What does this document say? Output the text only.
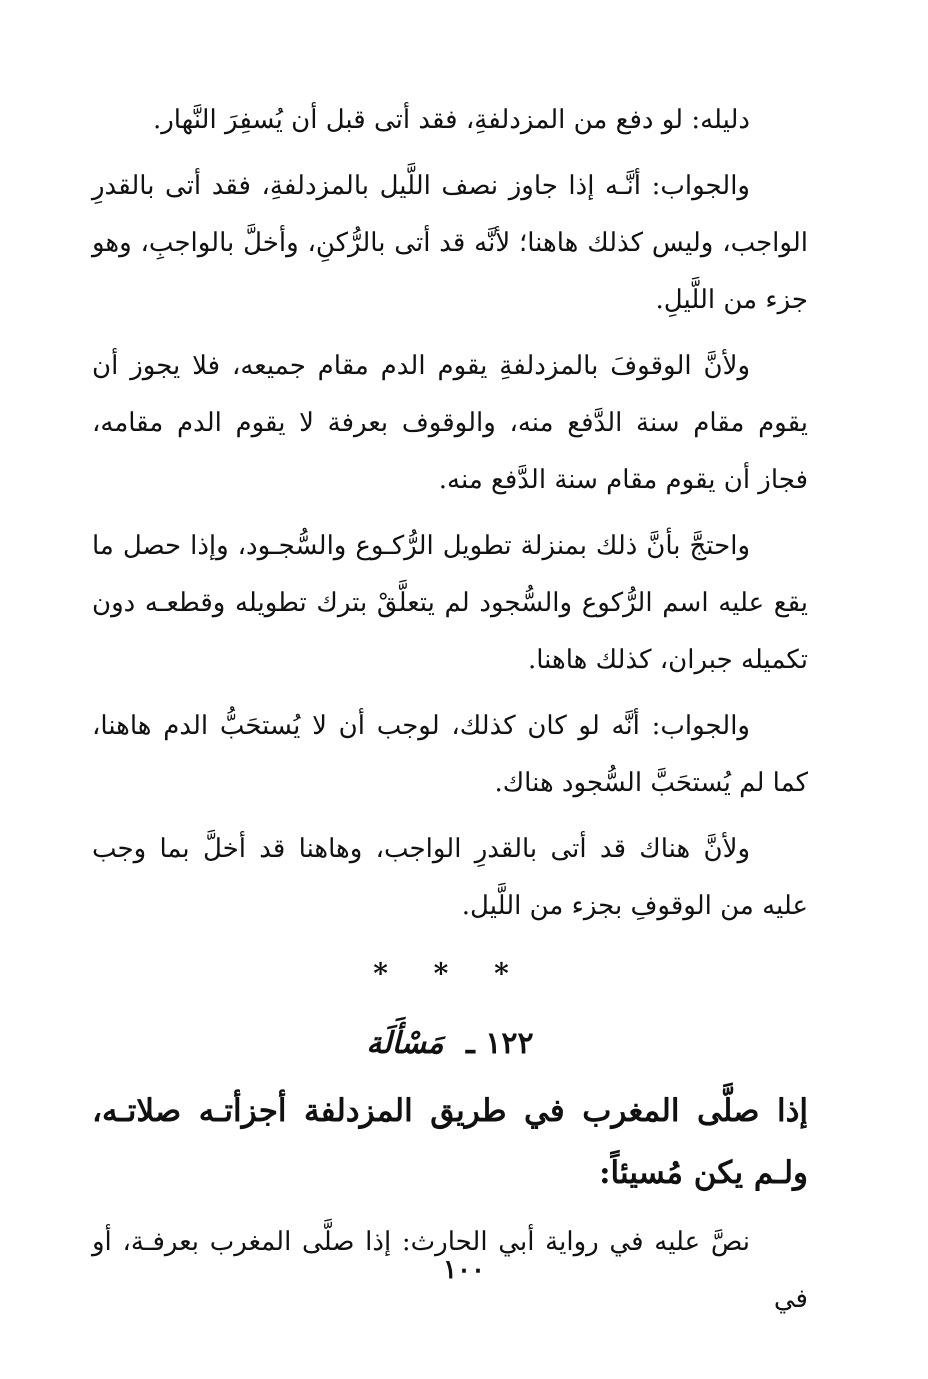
دليله: لو دفع من المزدلفةِ، فقد أتى قبل أن يُسفِرَ النَّهار.

والجواب: أنَّـه إذا جاوز نصف اللَّيل بالمزدلفةِ، فقد أتى بالقدرِ الواجب، وليس كذلك هاهنا؛ لأنَّه قد أتى بالرُّكنِ، وأخلَّ بالواجبِ، وهو جزء من اللَّيلِ.

ولأنَّ الوقوفَ بالمزدلفةِ يقوم الدم مقام جميعه، فلا يجوز أن يقوم مقام سنة الدَّفع منه، والوقوف بعرفة لا يقوم الدم مقامه، فجاز أن يقوم مقام سنة الدَّفع منه.

واحتجَّ بأنَّ ذلك بمنزلة تطويل الرُّكـوع والسُّجـود، وإذا حصل ما يقع عليه اسم الرُّكوع والسُّجود لم يتعلَّقْ بترك تطويله وقطعـه دون تكميله جبران، كذلك هاهنا.

والجواب: أنَّه لو كان كذلك، لوجب أن لا يُستحَبُّ الدم هاهنا، كما لم يُستحَبَّ السُّجود هناك.

ولأنَّ هناك قد أتى بالقدرِ الواجب، وهاهنا قد أخلَّ بما وجب عليه من الوقوفِ بجزء من اللَّيل.

* * *
١٢٢ ـ مَسْأَلَة

إذا صلَّى المغرب في طريق المزدلفة أجزأتـه صلاتـه، ولـم يكن مُسيئاً:

نصَّ عليه في رواية أبي الحارث: إذا صلَّى المغرب بعرفـة، أو في

١٠٠
